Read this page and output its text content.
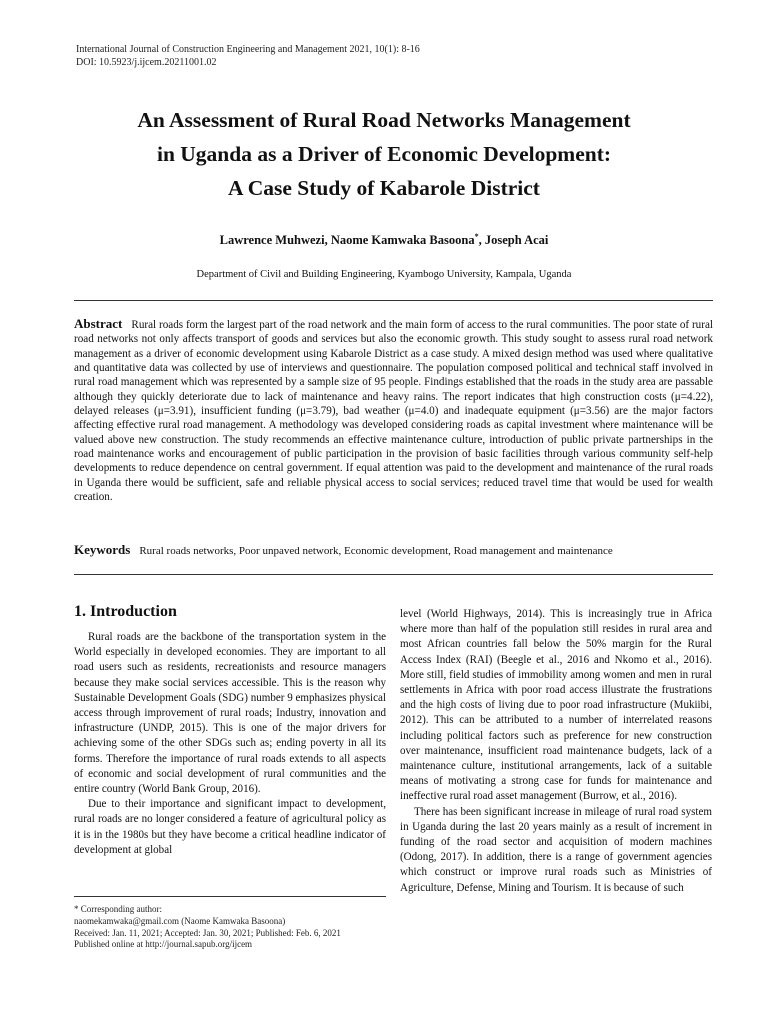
International Journal of Construction Engineering and Management 2021, 10(1): 8-16
DOI: 10.5923/j.ijcem.20211001.02
An Assessment of Rural Road Networks Management
in Uganda as a Driver of Economic Development:
A Case Study of Kabarole District
Lawrence Muhwezi, Naome Kamwaka Basoona*, Joseph Acai
Department of Civil and Building Engineering, Kyambogo University, Kampala, Uganda
Abstract Rural roads form the largest part of the road network and the main form of access to the rural communities. The poor state of rural road networks not only affects transport of goods and services but also the economic growth. This study sought to assess rural road network management as a driver of economic development using Kabarole District as a case study. A mixed design method was used where qualitative and quantitative data was collected by use of interviews and questionnaire. The population composed political and technical staff involved in rural road management which was represented by a sample size of 95 people. Findings established that the roads in the study area are passable although they quickly deteriorate due to lack of maintenance and heavy rains. The report indicates that high construction costs (μ=4.22), delayed releases (μ=3.91), insufficient funding (μ=3.79), bad weather (μ=4.0) and inadequate equipment (μ=3.56) are the major factors affecting effective rural road management. A methodology was developed considering roads as capital investment where maintenance will be valued above new construction. The study recommends an effective maintenance culture, introduction of public private partnerships in the road maintenance works and encouragement of public participation in the provision of basic facilities through various community self-help developments to reduce dependence on central government. If equal attention was paid to the development and maintenance of the rural roads in Uganda there would be sufficient, safe and reliable physical access to social services; reduced travel time that would be used for wealth creation.
Keywords Rural roads networks, Poor unpaved network, Economic development, Road management and maintenance
1. Introduction

Rural roads are the backbone of the transportation system in the World especially in developed economies. They are important to all road users such as residents, recreationists and resource managers because they make social services accessible. This is the reason why Sustainable Development Goals (SDG) number 9 emphasizes physical access through improvement of rural roads; Industry, innovation and infrastructure (UNDP, 2015). This is one of the major drivers for achieving some of the other SDGs such as; ending poverty in all its forms. Therefore the importance of rural roads extends to all aspects of economic and social development of rural communities and the entire country (World Bank Group, 2016).

Due to their importance and significant impact to development, rural roads are no longer considered a feature of agricultural policy as it is in the 1980s but they have become a critical headline indicator of development at global

level (World Highways, 2014). This is increasingly true in Africa where more than half of the population still resides in rural area and most African countries fall below the 50% margin for the Rural Access Index (RAI) (Beegle et al., 2016 and Nkomo et al., 2016). More still, field studies of immobility among women and men in rural settlements in Africa with poor road access illustrate the frustrations and the high costs of living due to poor road infrastructure (Mukiibi, 2012). This can be attributed to a number of interrelated reasons including political factors such as preference for new construction over maintenance, insufficient road maintenance budgets, lack of a maintenance culture, institutional arrangements, lack of a suitable means of motivating a strong case for funds for maintenance and ineffective rural road asset management (Burrow, et al., 2016).

There has been significant increase in mileage of rural road system in Uganda during the last 20 years mainly as a result of increment in funding of the road sector and acquisition of modern machines (Odong, 2017). In addition, there is a range of government agencies which construct or improve rural roads such as Ministries of Agriculture, Defense, Mining and Tourism. It is because of such

* Corresponding author:
naomekamwaka@gmail.com (Naome Kamwaka Basoona)
Received: Jan. 11, 2021; Accepted: Jan. 30, 2021; Published: Feb. 6, 2021
Published online at http://journal.sapub.org/ijcem
